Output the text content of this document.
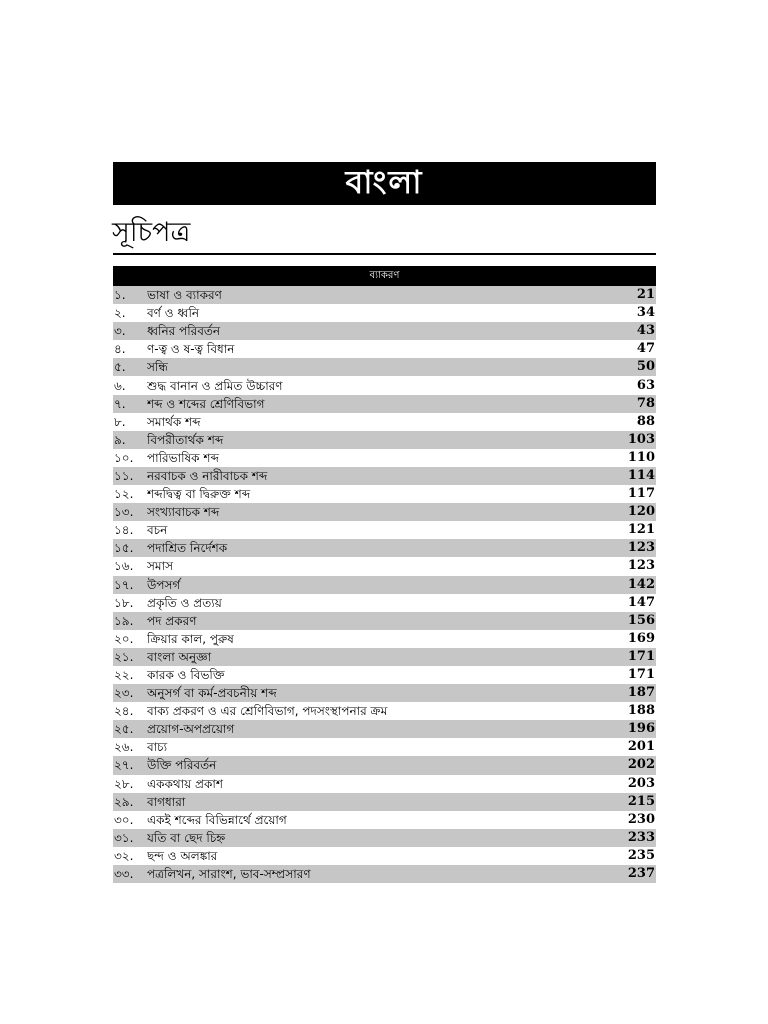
বাংলা
সূচিপত্র
ব্যাকরণ
১.	ভাষা ও ব্যাকরণ	21
২.	বর্ণ ও ধ্বনি	34
৩.	ধ্বনির পরিবর্তন	43
৪.	ণ-ত্ব ও ষ-ত্ব বিধান	47
৫.	সন্ধি	50
৬.	শুদ্ধ বানান ও প্রমিত উচ্চারণ	63
৭.	শব্দ ও শব্দের শ্রেণিবিভাগ	78
৮.	সমার্থক শব্দ	88
৯.	বিপরীতার্থক শব্দ	103
১০.	পারিভাষিক শব্দ	110
১১.	নরবাচক ও নারীবাচক শব্দ	114
১২.	শব্দদ্বিত্ব বা দ্বিরুক্ত শব্দ	117
১৩.	সংখ্যাবাচক শব্দ	120
১৪.	বচন	121
১৫.	পদাশ্রিত নির্দেশক	123
১৬.	সমাস	123
১৭.	উপসর্গ	142
১৮.	প্রকৃতি ও প্রত্যয়	147
১৯.	পদ প্রকরণ	156
২০.	ক্রিয়ার কাল, পুরুষ	169
২১.	বাংলা অনুজ্ঞা	171
২২.	কারক ও বিভক্তি	171
২৩.	অনুসর্গ বা কর্ম-প্রবচনীয় শব্দ	187
২৪.	বাক্য প্রকরণ ও এর শ্রেণিবিভাগ, পদসংস্থাপনার ক্রম	188
২৫.	প্রয়োগ-অপপ্রয়োগ	196
২৬.	বাচ্য	201
২৭.	উক্তি পরিবর্তন	202
২৮.	এককথায় প্রকাশ	203
২৯.	বাগধারা	215
৩০.	একই শব্দের বিভিন্নার্থে প্রয়োগ	230
৩১.	যতি বা ছেদ চিহ্ন	233
৩২.	ছন্দ ও অলঙ্কার	235
৩৩.	পত্রলিখন, সারাংশ, ভাব-সম্প্রসারণ	237
